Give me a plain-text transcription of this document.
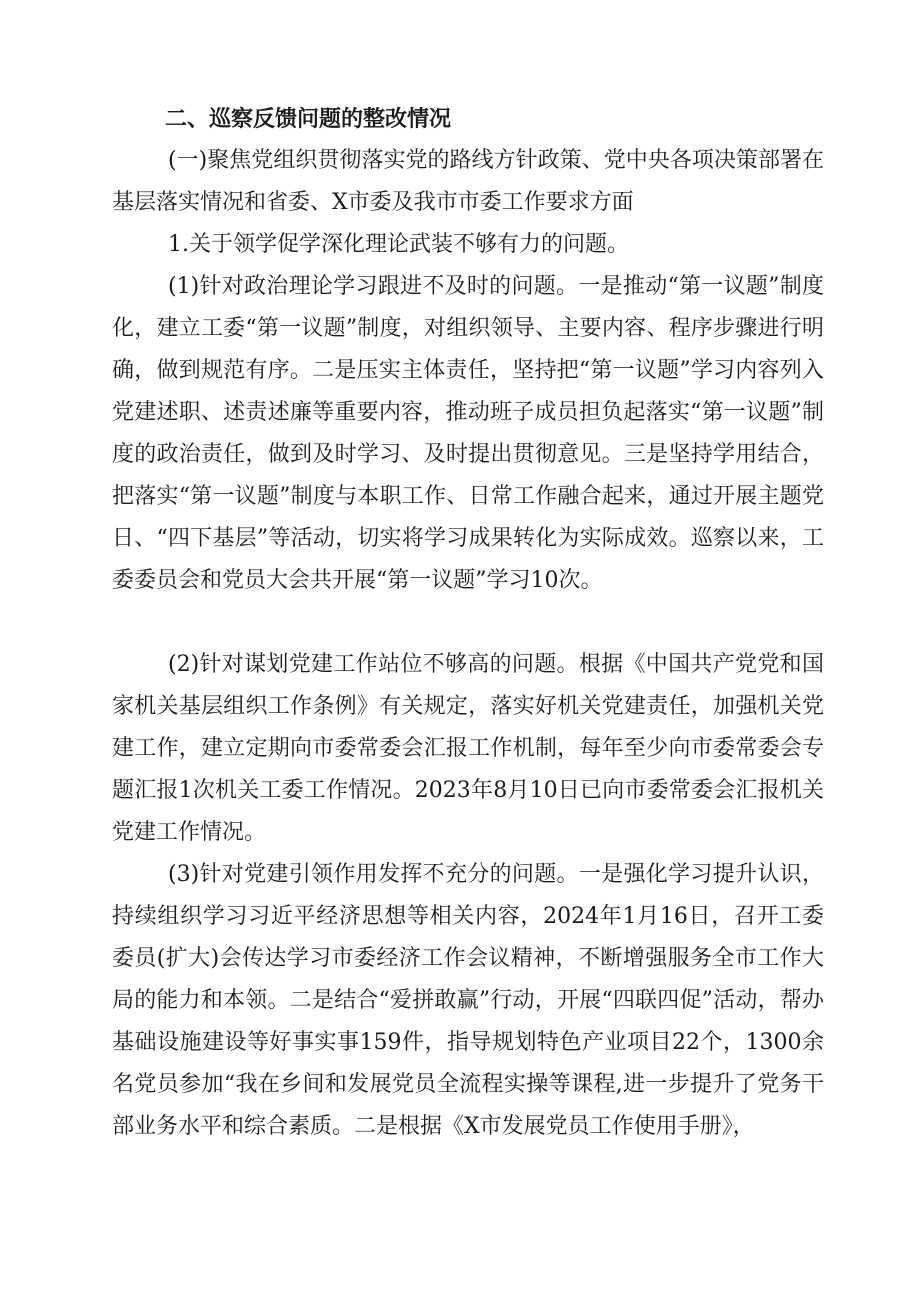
二、巡察反馈问题的整改情况

(一)聚焦党组织贯彻落实党的路线方针政策、党中央各项决策部署在基层落实情况和省委、X市委及我市市委工作要求方面

1.关于领学促学深化理论武装不够有力的问题。

(1)针对政治理论学习跟进不及时的问题。一是推动“第一议题”制度化，建立工委“第一议题”制度，对组织领导、主要内容、程序步骤进行明确，做到规范有序。二是压实主体责任，坚持把“第一议题”学习内容列入党建述职、述责述廉等重要内容，推动班子成员担负起落实“第一议题”制度的政治责任，做到及时学习、及时提出贯彻意见。三是坚持学用结合，把落实“第一议题”制度与本职工作、日常工作融合起来，通过开展主题党日、“四下基层”等活动，切实将学习成果转化为实际成效。巡察以来，工委委员会和党员大会共开展“第一议题”学习10次。

(2)针对谋划党建工作站位不够高的问题。根据《中国共产党党和国家机关基层组织工作条例》有关规定，落实好机关党建责任，加强机关党建工作，建立定期向市委常委会汇报工作机制，每年至少向市委常委会专题汇报1次机关工委工作情况。2023年8月10日已向市委常委会汇报机关党建工作情况。

(3)针对党建引领作用发挥不充分的问题。一是强化学习提升认识，持续组织学习习近平经济思想等相关内容，2024年1月16日，召开工委委员(扩大)会传达学习市委经济工作会议精神，不断增强服务全市工作大局的能力和本领。二是结合“爱拼敢赢”行动，开展“四联四促”活动，帮办基础设施建设等好事实事159件，指导规划特色产业项目22个，1300余名党员参加“我在乡间和发展党员全流程实操等课程,进一步提升了党务干部业务水平和综合素质。二是根据《X市发展党员工作使用手册》，
